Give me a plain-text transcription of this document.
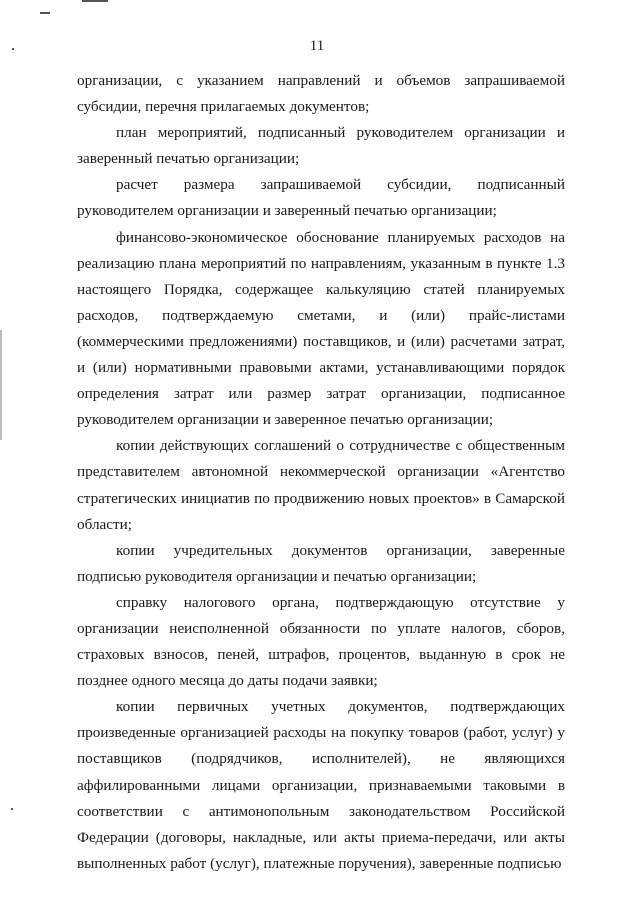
11

организации, с указанием направлений и объемов запрашиваемой субсидии, перечня прилагаемых документов;

план мероприятий, подписанный руководителем организации и заверенный печатью организации;

расчет размера запрашиваемой субсидии, подписанный руководителем организации и заверенный печатью организации;

финансово-экономическое обоснование планируемых расходов на реализацию плана мероприятий по направлениям, указанным в пункте 1.3 настоящего Порядка, содержащее калькуляцию статей планируемых расходов, подтверждаемую сметами, и (или) прайс-листами (коммерческими предложениями) поставщиков, и (или) расчетами затрат, и (или) нормативными правовыми актами, устанавливающими порядок определения затрат или размер затрат организации, подписанное руководителем организации и заверенное печатью организации;

копии действующих соглашений о сотрудничестве с общественным представителем автономной некоммерческой организации «Агентство стратегических инициатив по продвижению новых проектов» в Самарской области;

копии учредительных документов организации, заверенные подписью руководителя организации и печатью организации;

справку налогового органа, подтверждающую отсутствие у организации неисполненной обязанности по уплате налогов, сборов, страховых взносов, пеней, штрафов, процентов, выданную в срок не позднее одного месяца до даты подачи заявки;

копии первичных учетных документов, подтверждающих произведенные организацией расходы на покупку товаров (работ, услуг) у поставщиков (подрядчиков, исполнителей), не являющихся аффилированными лицами организации, признаваемыми таковыми в соответствии с антимонопольным законодательством Российской Федерации (договоры, накладные, или акты приема-передачи, или акты выполненных работ (услуг), платежные поручения), заверенные подписью
